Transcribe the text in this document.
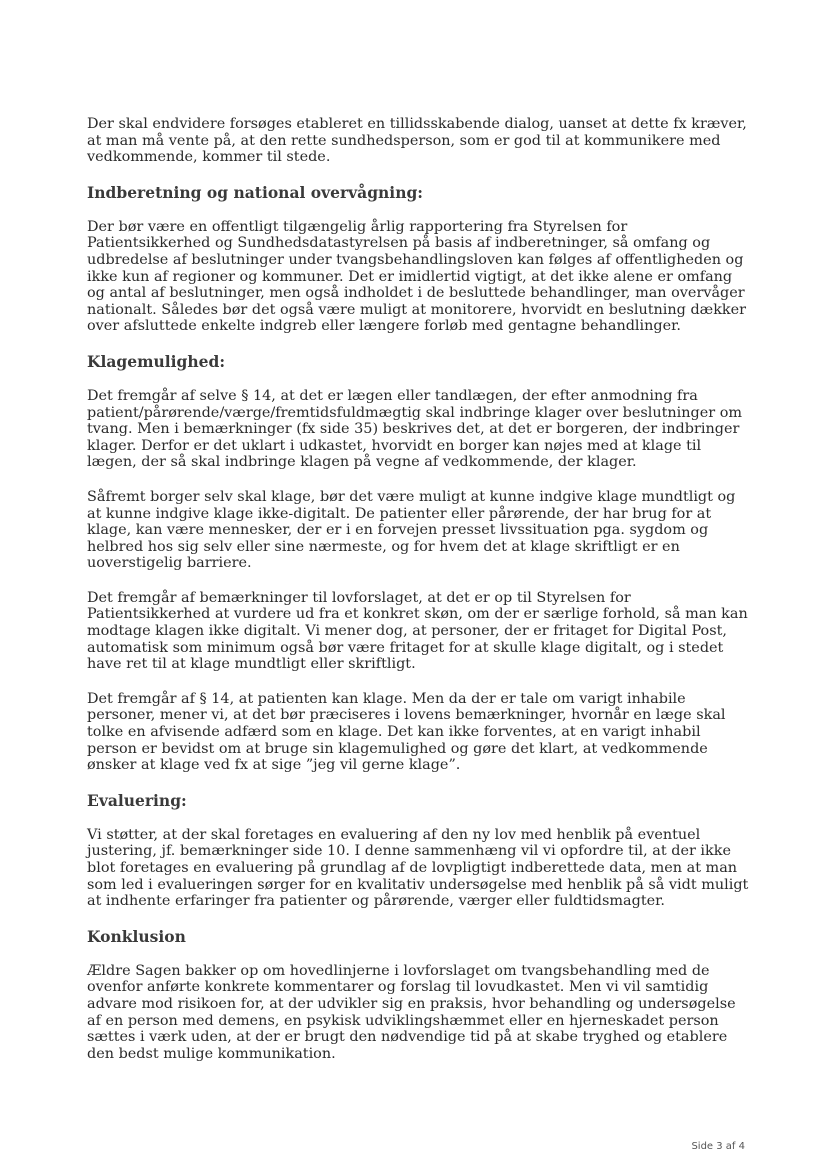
Der skal endvidere forsøges etableret en tillidsskabende dialog, uanset at dette fx kræver, at man må vente på, at den rette sundhedsperson, som er god til at kommunikere med vedkommende, kommer til stede.

Indberetning og national overvågning:

Der bør være en offentligt tilgængelig årlig rapportering fra Styrelsen for Patientsikkerhed og Sundhedsdatastyrelsen på basis af indberetninger, så omfang og udbredelse af beslutninger under tvangsbehandlingsloven kan følges af offentligheden og ikke kun af regioner og kommuner. Det er imidlertid vigtigt, at det ikke alene er omfang og antal af beslutninger, men også indholdet i de besluttede behandlinger, man overvåger nationalt. Således bør det også være muligt at monitorere, hvorvidt en beslutning dækker over afsluttede enkelte indgreb eller længere forløb med gentagne behandlinger.

Klagemulighed:

Det fremgår af selve § 14, at det er lægen eller tandlægen, der efter anmodning fra patient/pårørende/værge/fremtidsfuldmægtig skal indbringe klager over beslutninger om tvang. Men i bemærkninger (fx side 35) beskrives det, at det er borgeren, der indbringer klager. Derfor er det uklart i udkastet, hvorvidt en borger kan nøjes med at klage til lægen, der så skal indbringe klagen på vegne af vedkommende, der klager.

Såfremt borger selv skal klage, bør det være muligt at kunne indgive klage mundtligt og at kunne indgive klage ikke-digitalt. De patienter eller pårørende, der har brug for at klage, kan være mennesker, der er i en forvejen presset livssituation pga. sygdom og helbred hos sig selv eller sine nærmeste, og for hvem det at klage skriftligt er en uoverstigelig barriere.

Det fremgår af bemærkninger til lovforslaget, at det er op til Styrelsen for Patientsikkerhed at vurdere ud fra et konkret skøn, om der er særlige forhold, så man kan modtage klagen ikke digitalt. Vi mener dog, at personer, der er fritaget for Digital Post, automatisk som minimum også bør være fritaget for at skulle klage digitalt, og i stedet have ret til at klage mundtligt eller skriftligt.

Det fremgår af § 14, at patienten kan klage. Men da der er tale om varigt inhabile personer, mener vi, at det bør præciseres i lovens bemærkninger, hvornår en læge skal tolke en afvisende adfærd som en klage. Det kan ikke forventes, at en varigt inhabil person er bevidst om at bruge sin klagemulighed og gøre det klart, at vedkommende ønsker at klage ved fx at sige ”jeg vil gerne klage”.

Evaluering:

Vi støtter, at der skal foretages en evaluering af den ny lov med henblik på eventuel justering, jf. bemærkninger side 10. I denne sammenhæng vil vi opfordre til, at der ikke blot foretages en evaluering på grundlag af de lovpligtigt indberettede data, men at man som led i evalueringen sørger for en kvalitativ undersøgelse med henblik på så vidt muligt at indhente erfaringer fra patienter og pårørende, værger eller fuldtidsmagter.

Konklusion

Ældre Sagen bakker op om hovedlinjerne i lovforslaget om tvangsbehandling med de ovenfor anførte konkrete kommentarer og forslag til lovudkastet. Men vi vil samtidig advare mod risikoen for, at der udvikler sig en praksis, hvor behandling og undersøgelse af en person med demens, en psykisk udviklingshæmmet eller en hjerneskadet person sættes i værk uden, at der er brugt den nødvendige tid på at skabe tryghed og etablere den bedst mulige kommunikation.

Side 3 af 4
